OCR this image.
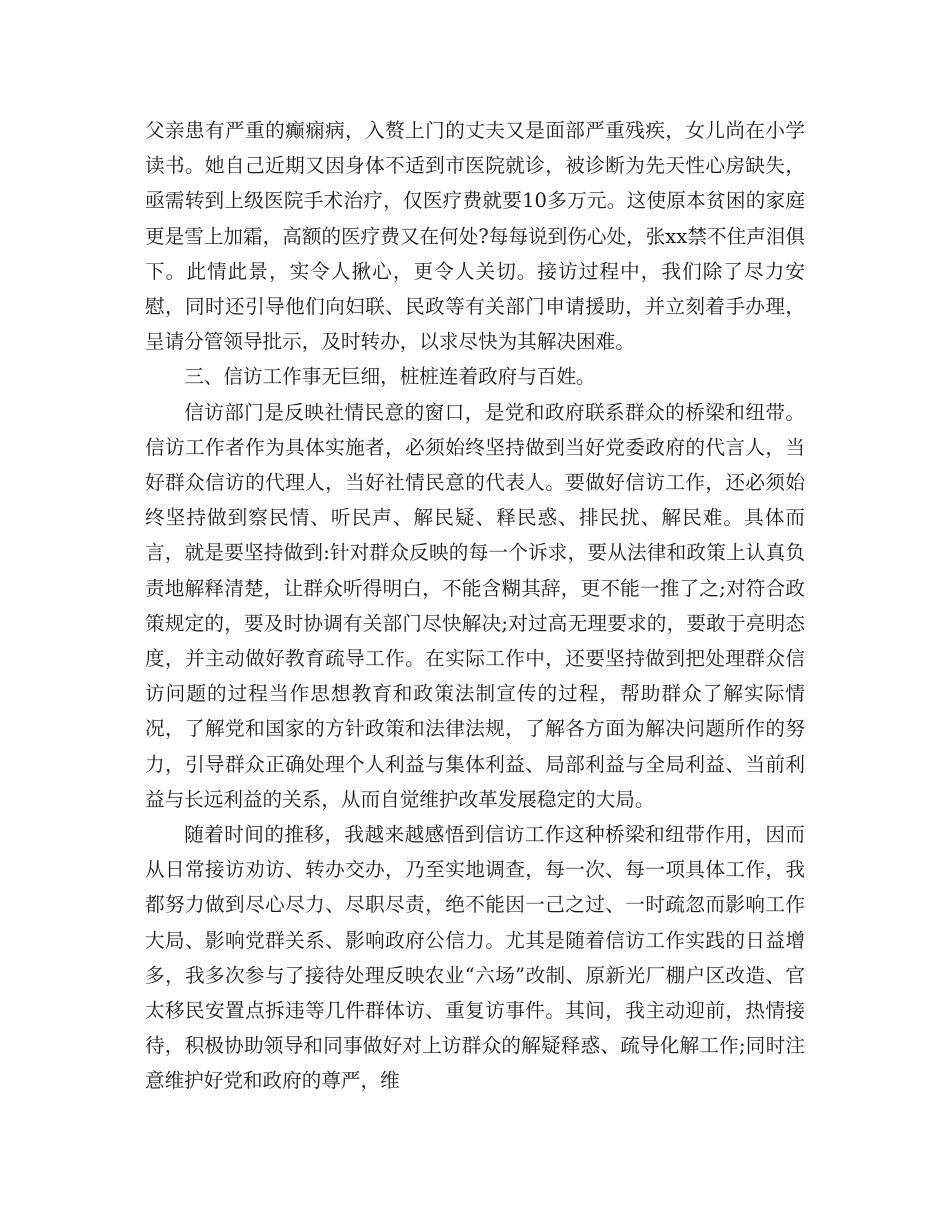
父亲患有严重的癫痫病，入赘上门的丈夫又是面部严重残疾，女儿尚在小学读书。她自己近期又因身体不适到市医院就诊，被诊断为先天性心房缺失，亟需转到上级医院手术治疗，仅医疗费就要10多万元。这使原本贫困的家庭更是雪上加霜，高额的医疗费又在何处?每每说到伤心处，张xx禁不住声泪俱下。此情此景，实令人揪心，更令人关切。接访过程中，我们除了尽力安慰，同时还引导他们向妇联、民政等有关部门申请援助，并立刻着手办理，呈请分管领导批示，及时转办，以求尽快为其解决困难。

三、信访工作事无巨细，桩桩连着政府与百姓。

信访部门是反映社情民意的窗口，是党和政府联系群众的桥梁和纽带。信访工作者作为具体实施者，必须始终坚持做到当好党委政府的代言人，当好群众信访的代理人，当好社情民意的代表人。要做好信访工作，还必须始终坚持做到察民情、听民声、解民疑、释民惑、排民扰、解民难。具体而言，就是要坚持做到:针对群众反映的每一个诉求，要从法律和政策上认真负责地解释清楚，让群众听得明白，不能含糊其辞，更不能一推了之;对符合政策规定的，要及时协调有关部门尽快解决;对过高无理要求的，要敢于亮明态度，并主动做好教育疏导工作。在实际工作中，还要坚持做到把处理群众信访问题的过程当作思想教育和政策法制宣传的过程，帮助群众了解实际情况，了解党和国家的方针政策和法律法规，了解各方面为解决问题所作的努力，引导群众正确处理个人利益与集体利益、局部利益与全局利益、当前利益与长远利益的关系，从而自觉维护改革发展稳定的大局。

随着时间的推移，我越来越感悟到信访工作这种桥梁和纽带作用，因而从日常接访劝访、转办交办，乃至实地调查，每一次、每一项具体工作，我都努力做到尽心尽力、尽职尽责，绝不能因一己之过、一时疏忽而影响工作大局、影响党群关系、影响政府公信力。尤其是随着信访工作实践的日益增多，我多次参与了接待处理反映农业“六场”改制、原新光厂棚户区改造、官太移民安置点拆违等几件群体访、重复访事件。其间，我主动迎前，热情接待，积极协助领导和同事做好对上访群众的解疑释惑、疏导化解工作;同时注意维护好党和政府的尊严，维
